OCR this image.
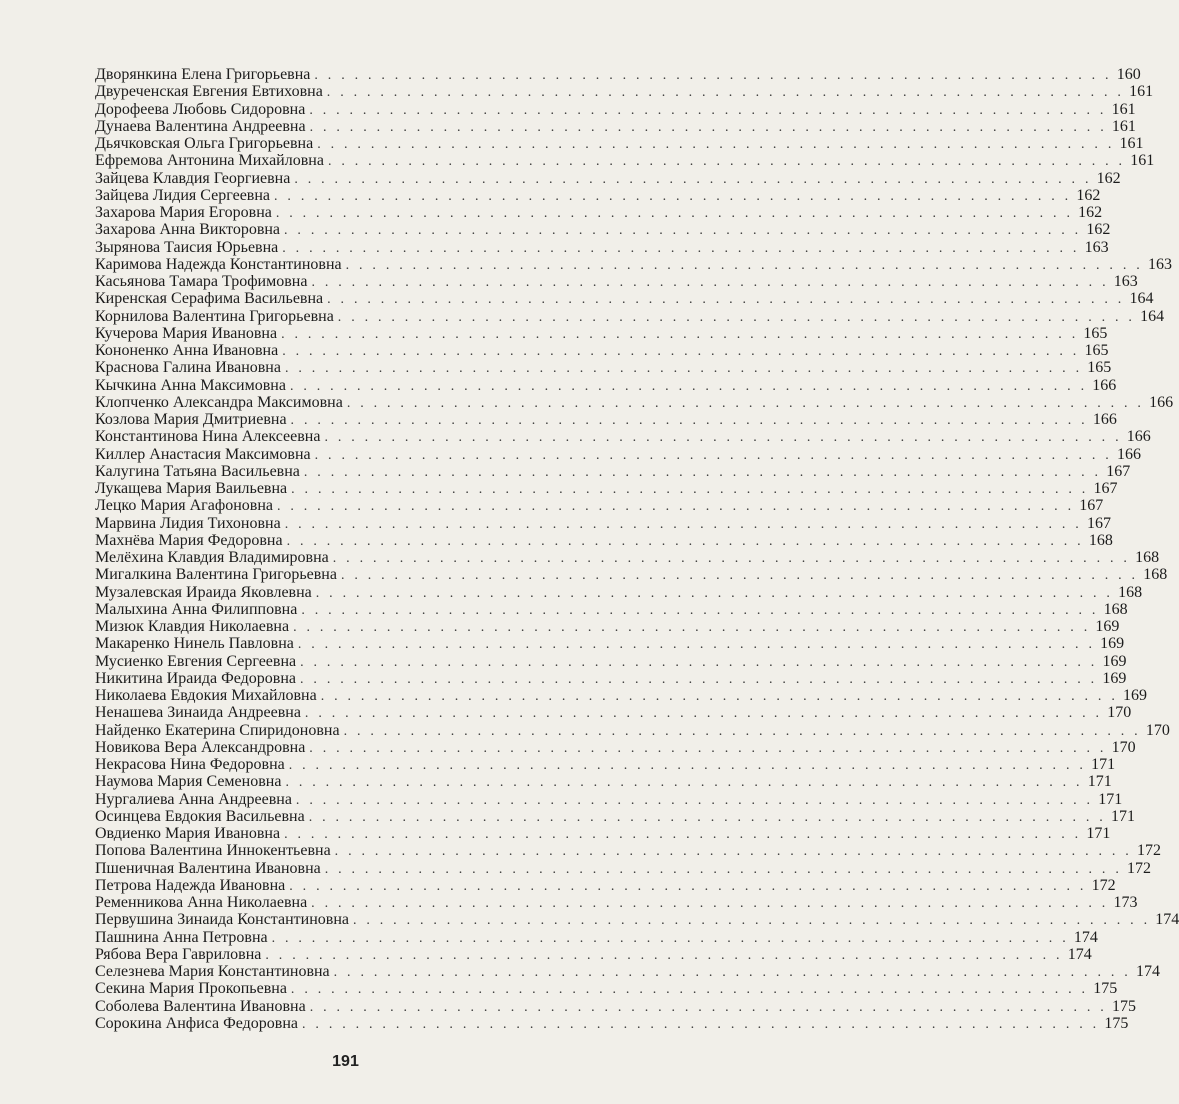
Дворянкина Елена Григорьевна . . . . . . . . . . . . . . . . . . . . . . . . . . . . . . . . . . . . . . . . . . . . . . . . . . . . . . . . . . . . 160
Двуреченская Евгения Евтиховна . . . . . . . . . . . . . . . . . . . . . . . . . . . . . . . . . . . . . . . . . . . . . . . . . . . . . . . . . . . . 161
Дорофеева Любовь Сидоровна . . . . . . . . . . . . . . . . . . . . . . . . . . . . . . . . . . . . . . . . . . . . . . . . . . . . . . . . . . . . 161
Дунаева Валентина Андреевна . . . . . . . . . . . . . . . . . . . . . . . . . . . . . . . . . . . . . . . . . . . . . . . . . . . . . . . . . . . . 161
Дьячковская Ольга Григорьевна . . . . . . . . . . . . . . . . . . . . . . . . . . . . . . . . . . . . . . . . . . . . . . . . . . . . . . . . . . . . 161
Ефремова Антонина Михайловна . . . . . . . . . . . . . . . . . . . . . . . . . . . . . . . . . . . . . . . . . . . . . . . . . . . . . . . . . . . . 161
Зайцева Клавдия Георгиевна . . . . . . . . . . . . . . . . . . . . . . . . . . . . . . . . . . . . . . . . . . . . . . . . . . . . . . . . . . . . 162
Зайцева Лидия Сергеевна . . . . . . . . . . . . . . . . . . . . . . . . . . . . . . . . . . . . . . . . . . . . . . . . . . . . . . . . . . . . 162
Захарова Мария Егоровна . . . . . . . . . . . . . . . . . . . . . . . . . . . . . . . . . . . . . . . . . . . . . . . . . . . . . . . . . . . . 162
Захарова Анна Викторовна . . . . . . . . . . . . . . . . . . . . . . . . . . . . . . . . . . . . . . . . . . . . . . . . . . . . . . . . . . . . 162
Зырянова Таисия Юрьевна . . . . . . . . . . . . . . . . . . . . . . . . . . . . . . . . . . . . . . . . . . . . . . . . . . . . . . . . . . . . 163
Каримова Надежда Константиновна . . . . . . . . . . . . . . . . . . . . . . . . . . . . . . . . . . . . . . . . . . . . . . . . . . . . . . . . . . . . 163
Касьянова Тамара Трофимовна . . . . . . . . . . . . . . . . . . . . . . . . . . . . . . . . . . . . . . . . . . . . . . . . . . . . . . . . . . . . 163
Киренская Серафима Васильевна . . . . . . . . . . . . . . . . . . . . . . . . . . . . . . . . . . . . . . . . . . . . . . . . . . . . . . . . . . . . 164
Корнилова Валентина Григорьевна . . . . . . . . . . . . . . . . . . . . . . . . . . . . . . . . . . . . . . . . . . . . . . . . . . . . . . . . . . . . 164
Кучерова Мария Ивановна . . . . . . . . . . . . . . . . . . . . . . . . . . . . . . . . . . . . . . . . . . . . . . . . . . . . . . . . . . . . 165
Кононенко Анна Ивановна . . . . . . . . . . . . . . . . . . . . . . . . . . . . . . . . . . . . . . . . . . . . . . . . . . . . . . . . . . . . 165
Краснова Галина Ивановна . . . . . . . . . . . . . . . . . . . . . . . . . . . . . . . . . . . . . . . . . . . . . . . . . . . . . . . . . . . . 165
Кычкина Анна Максимовна . . . . . . . . . . . . . . . . . . . . . . . . . . . . . . . . . . . . . . . . . . . . . . . . . . . . . . . . . . . . 166
Клопченко Александра Максимовна . . . . . . . . . . . . . . . . . . . . . . . . . . . . . . . . . . . . . . . . . . . . . . . . . . . . . . . . . . . . 166
Козлова Мария Дмитриевна . . . . . . . . . . . . . . . . . . . . . . . . . . . . . . . . . . . . . . . . . . . . . . . . . . . . . . . . . . . . 166
Константинова Нина Алексеевна . . . . . . . . . . . . . . . . . . . . . . . . . . . . . . . . . . . . . . . . . . . . . . . . . . . . . . . . . . . . 166
Киллер Анастасия Максимовна . . . . . . . . . . . . . . . . . . . . . . . . . . . . . . . . . . . . . . . . . . . . . . . . . . . . . . . . . . . . 166
Калугина Татьяна Васильевна . . . . . . . . . . . . . . . . . . . . . . . . . . . . . . . . . . . . . . . . . . . . . . . . . . . . . . . . . . . . 167
Лукащева Мария Ваильевна . . . . . . . . . . . . . . . . . . . . . . . . . . . . . . . . . . . . . . . . . . . . . . . . . . . . . . . . . . . . 167
Лецко Мария Агафоновна . . . . . . . . . . . . . . . . . . . . . . . . . . . . . . . . . . . . . . . . . . . . . . . . . . . . . . . . . . . . 167
Марвина Лидия Тихоновна . . . . . . . . . . . . . . . . . . . . . . . . . . . . . . . . . . . . . . . . . . . . . . . . . . . . . . . . . . . . 167
Махнёва Мария Федоровна . . . . . . . . . . . . . . . . . . . . . . . . . . . . . . . . . . . . . . . . . . . . . . . . . . . . . . . . . . . . 168
Мелёхина Клавдия Владимировна . . . . . . . . . . . . . . . . . . . . . . . . . . . . . . . . . . . . . . . . . . . . . . . . . . . . . . . . . . . . 168
Мигалкина Валентина Григорьевна . . . . . . . . . . . . . . . . . . . . . . . . . . . . . . . . . . . . . . . . . . . . . . . . . . . . . . . . . . . . 168
Музалевская Ираида Яковлевна . . . . . . . . . . . . . . . . . . . . . . . . . . . . . . . . . . . . . . . . . . . . . . . . . . . . . . . . . . . . 168
Малыхина Анна Филипповна . . . . . . . . . . . . . . . . . . . . . . . . . . . . . . . . . . . . . . . . . . . . . . . . . . . . . . . . . . . . 168
Мизюк Клавдия Николаевна . . . . . . . . . . . . . . . . . . . . . . . . . . . . . . . . . . . . . . . . . . . . . . . . . . . . . . . . . . . . 169
Макаренко Нинель Павловна . . . . . . . . . . . . . . . . . . . . . . . . . . . . . . . . . . . . . . . . . . . . . . . . . . . . . . . . . . . . 169
Мусиенко Евгения Сергеевна . . . . . . . . . . . . . . . . . . . . . . . . . . . . . . . . . . . . . . . . . . . . . . . . . . . . . . . . . . . . 169
Никитина Ираида Федоровна . . . . . . . . . . . . . . . . . . . . . . . . . . . . . . . . . . . . . . . . . . . . . . . . . . . . . . . . . . . . 169
Николаева Евдокия Михайловна . . . . . . . . . . . . . . . . . . . . . . . . . . . . . . . . . . . . . . . . . . . . . . . . . . . . . . . . . . . . 169
Ненашева Зинаида Андреевна . . . . . . . . . . . . . . . . . . . . . . . . . . . . . . . . . . . . . . . . . . . . . . . . . . . . . . . . . . . . 170
Найденко Екатерина Спиридоновна . . . . . . . . . . . . . . . . . . . . . . . . . . . . . . . . . . . . . . . . . . . . . . . . . . . . . . . . . . . . 170
Новикова Вера Александровна . . . . . . . . . . . . . . . . . . . . . . . . . . . . . . . . . . . . . . . . . . . . . . . . . . . . . . . . . . . . 170
Некрасова Нина Федоровна . . . . . . . . . . . . . . . . . . . . . . . . . . . . . . . . . . . . . . . . . . . . . . . . . . . . . . . . . . . . 171
Наумова Мария Семеновна . . . . . . . . . . . . . . . . . . . . . . . . . . . . . . . . . . . . . . . . . . . . . . . . . . . . . . . . . . . . 171
Нургалиева Анна Андреевна . . . . . . . . . . . . . . . . . . . . . . . . . . . . . . . . . . . . . . . . . . . . . . . . . . . . . . . . . . . . 171
Осинцева Евдокия Васильевна . . . . . . . . . . . . . . . . . . . . . . . . . . . . . . . . . . . . . . . . . . . . . . . . . . . . . . . . . . . . 171
Овдиенко Мария Ивановна . . . . . . . . . . . . . . . . . . . . . . . . . . . . . . . . . . . . . . . . . . . . . . . . . . . . . . . . . . . . 171
Попова Валентина Иннокентьевна . . . . . . . . . . . . . . . . . . . . . . . . . . . . . . . . . . . . . . . . . . . . . . . . . . . . . . . . . . . . 172
Пшеничная Валентина Ивановна . . . . . . . . . . . . . . . . . . . . . . . . . . . . . . . . . . . . . . . . . . . . . . . . . . . . . . . . . . . . 172
Петрова Надежда Ивановна . . . . . . . . . . . . . . . . . . . . . . . . . . . . . . . . . . . . . . . . . . . . . . . . . . . . . . . . . . . . 172
Ременникова Анна Николаевна . . . . . . . . . . . . . . . . . . . . . . . . . . . . . . . . . . . . . . . . . . . . . . . . . . . . . . . . . . . . 173
Первушина Зинаида Константиновна . . . . . . . . . . . . . . . . . . . . . . . . . . . . . . . . . . . . . . . . . . . . . . . . . . . . . . . . . . . . 174
Пашнина Анна Петровна . . . . . . . . . . . . . . . . . . . . . . . . . . . . . . . . . . . . . . . . . . . . . . . . . . . . . . . . . . . . 174
Рябова Вера Гавриловна . . . . . . . . . . . . . . . . . . . . . . . . . . . . . . . . . . . . . . . . . . . . . . . . . . . . . . . . . . . . 174
Селезнева Мария Константиновна . . . . . . . . . . . . . . . . . . . . . . . . . . . . . . . . . . . . . . . . . . . . . . . . . . . . . . . . . . . . 174
Секина Мария Прокопьевна . . . . . . . . . . . . . . . . . . . . . . . . . . . . . . . . . . . . . . . . . . . . . . . . . . . . . . . . . . . . 175
Соболева Валентина Ивановна . . . . . . . . . . . . . . . . . . . . . . . . . . . . . . . . . . . . . . . . . . . . . . . . . . . . . . . . . . . . 175
Сорокина Анфиса Федоровна . . . . . . . . . . . . . . . . . . . . . . . . . . . . . . . . . . . . . . . . . . . . . . . . . . . . . . . . . . . . 175
191
